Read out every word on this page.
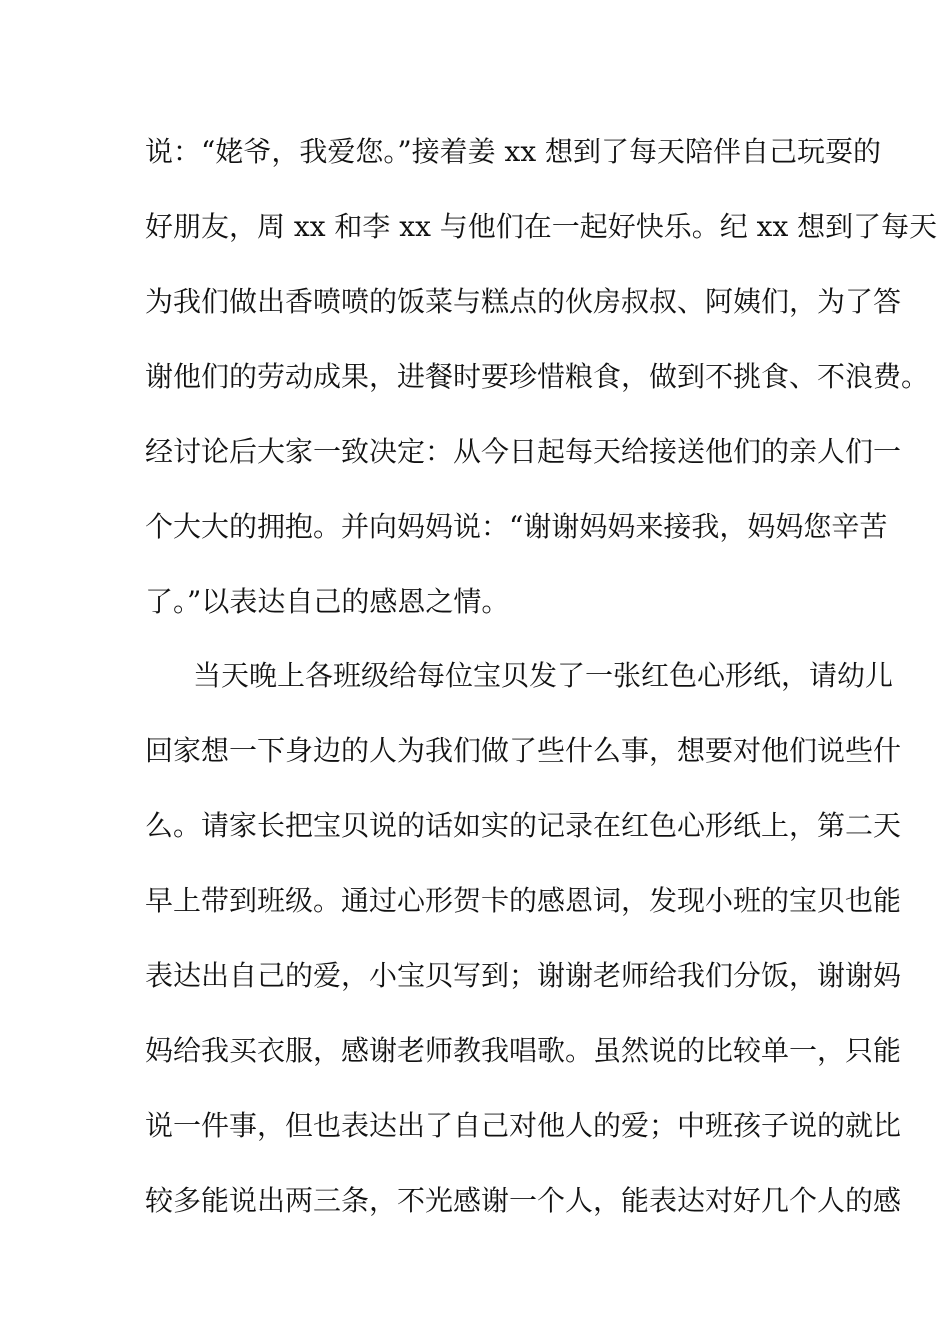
说：“姥爷，我爱您。”接着姜 xx 想到了每天陪伴自己玩耍的
好朋友，周 xx 和李 xx 与他们在一起好快乐。纪 xx 想到了每天
为我们做出香喷喷的饭菜与糕点的伙房叔叔、阿姨们，为了答
谢他们的劳动成果，进餐时要珍惜粮食，做到不挑食、不浪费。
经讨论后大家一致决定：从今日起每天给接送他们的亲人们一
个大大的拥抱。并向妈妈说：“谢谢妈妈来接我，妈妈您辛苦
了。”以表达自己的感恩之情。
当天晚上各班级给每位宝贝发了一张红色心形纸，请幼儿
回家想一下身边的人为我们做了些什么事，想要对他们说些什
么。请家长把宝贝说的话如实的记录在红色心形纸上，第二天
早上带到班级。通过心形贺卡的感恩词，发现小班的宝贝也能
表达出自己的爱，小宝贝写到；谢谢老师给我们分饭，谢谢妈
妈给我买衣服，感谢老师教我唱歌。虽然说的比较单一，只能
说一件事，但也表达出了自己对他人的爱；中班孩子说的就比
较多能说出两三条，不光感谢一个人，能表达对好几个人的感
